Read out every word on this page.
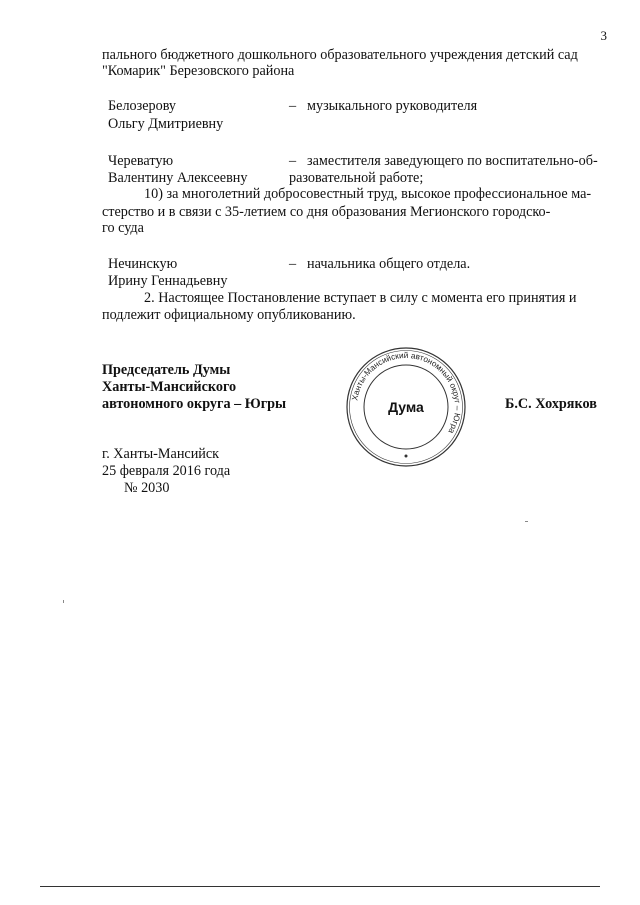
3
пального бюджетного дошкольного образовательного учреждения детский сад
"Комарик" Березовского района
Белозерову
Ольгу Дмитриевну
– музыкального руководителя
Череватую
Валентину Алексеевну
– заместителя заведующего по воспитательно-об-
разовательной работе;
10) за многолетний добросовестный труд, высокое профессиональное ма-
стерство и в связи с 35-летием со дня образования Мегионского городско-
го суда
Нечинскую
Ирину Геннадьевну
– начальника общего отдела.
2. Настоящее Постановление вступает в силу с момента его принятия и
подлежит официальному опубликованию.
Председатель Думы
Ханты-Мансийского
автономного округа – Югры	Б.С. Хохряков
Ханты-Мансийский автономный округ – Югра
Дума
г. Ханты-Мансийск
25 февраля 2016 года
№ 2030
